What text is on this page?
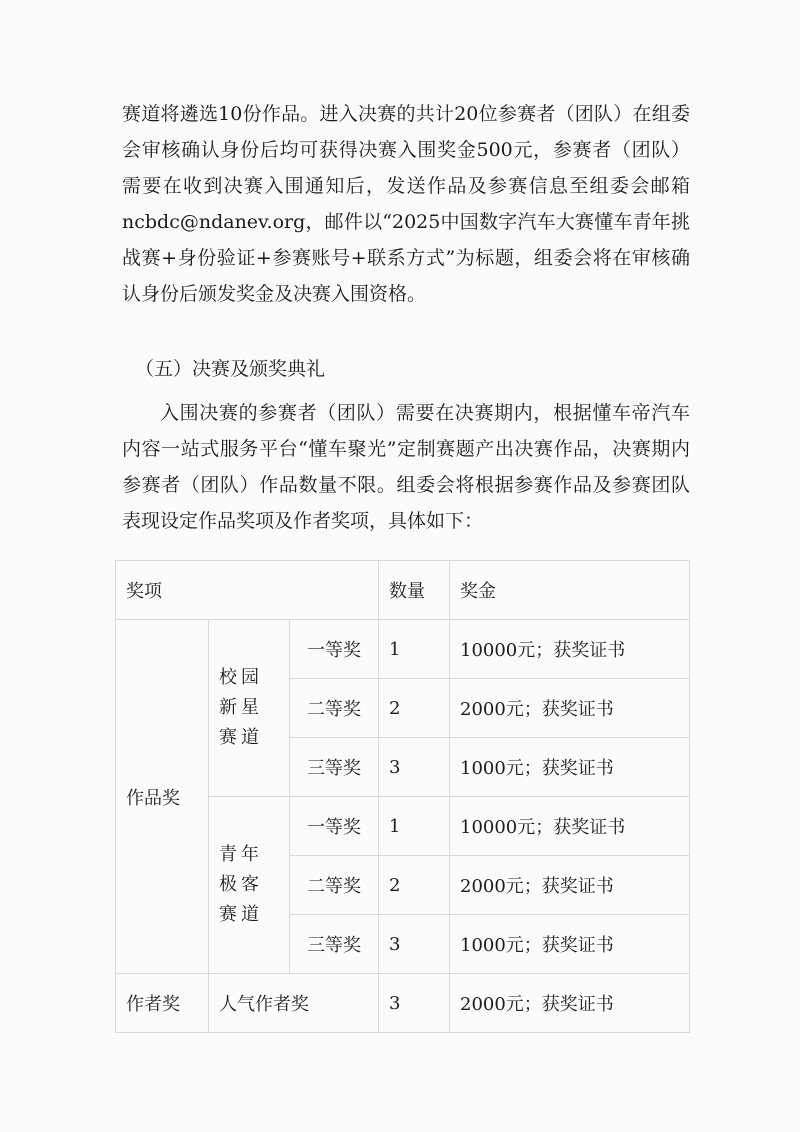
赛道将遴选10份作品。进入决赛的共计20位参赛者（团队）在组委会审核确认身份后均可获得决赛入围奖金500元，参赛者（团队）需要在收到决赛入围通知后，发送作品及参赛信息至组委会邮箱ncbdc@ndanev.org，邮件以“2025中国数字汽车大赛懂车青年挑战赛+身份验证+参赛账号+联系方式”为标题，组委会将在审核确认身份后颁发奖金及决赛入围资格。

（五）决赛及颁奖典礼

入围决赛的参赛者（团队）需要在决赛期内，根据懂车帝汽车内容一站式服务平台“懂车聚光”定制赛题产出决赛作品，决赛期内参赛者（团队）作品数量不限。组委会将根据参赛作品及参赛团队表现设定作品奖项及作者奖项，具体如下：

奖项			数量	奖金
作品奖	校园新星赛道	一等奖	1	10000元；获奖证书
		二等奖	2	2000元；获奖证书
		三等奖	3	1000元；获奖证书
	青年极客赛道	一等奖	1	10000元；获奖证书
		二等奖	2	2000元；获奖证书
		三等奖	3	1000元；获奖证书
作者奖	人气作者奖		3	2000元；获奖证书
